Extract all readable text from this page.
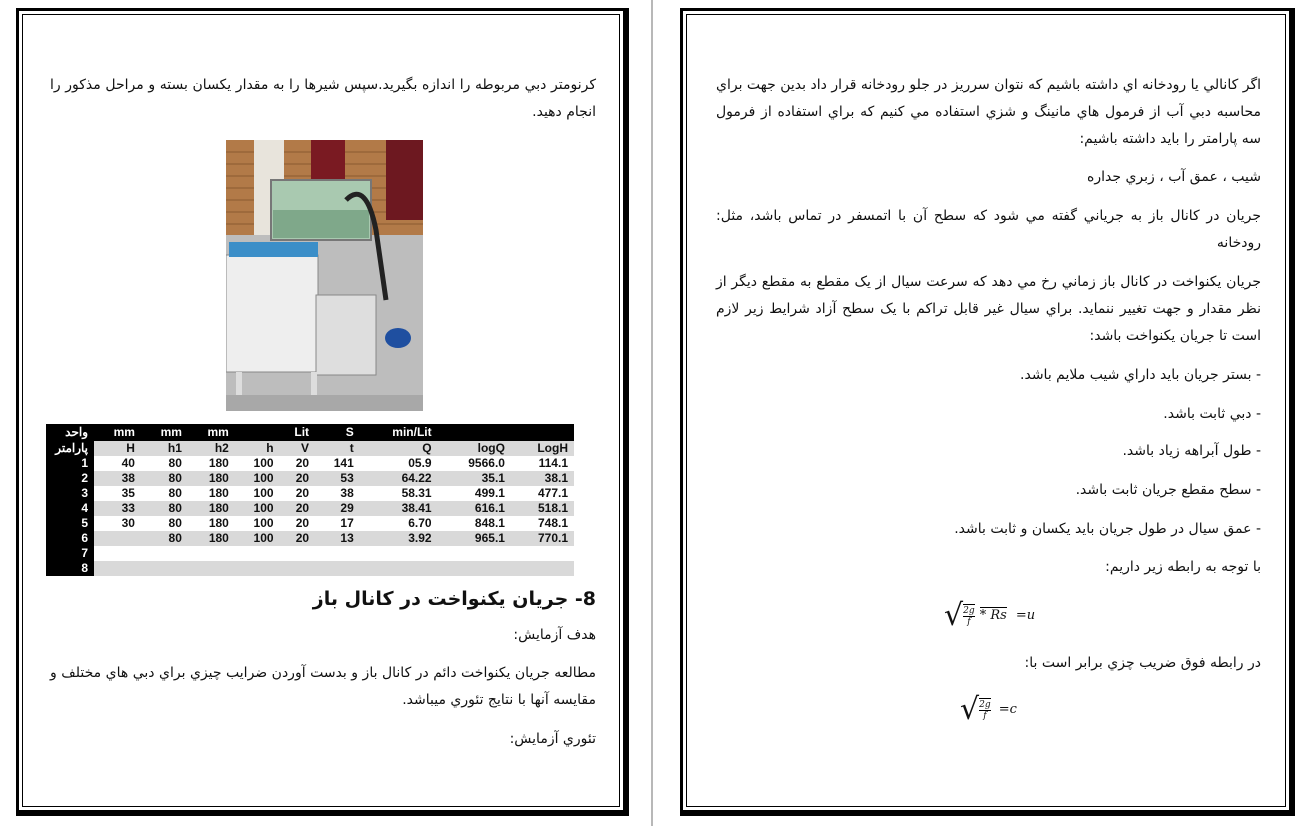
کرنومتر دبي مربوطه را اندازه بگيريد.سپس شيرها را به مقدار يکسان بسته و مراحل مذکور را انجام دهيد.

واحد	mm	mm	mm		Lit	S	min/Lit		
پارامتر	H	h1	h2	h	V	t	Q	logQ	LogH
1	40	80	180	100	20	141	05.9	9566.0	114.1
2	38	80	180	100	20	53	64.22	35.1	38.1
3	35	80	180	100	20	38	58.31	499.1	477.1
4	33	80	180	100	20	29	38.41	616.1	518.1
5	30	80	180	100	20	17	6.70	848.1	748.1
6		80	180	100	20	13	3.92	965.1	770.1
7									
8									

8- جريان يکنواخت در کانال باز

هدف آزمايش:

مطالعه جريان يکنواخت دائم در کانال باز و بدست آوردن ضرايب چيزي براي دبي هاي مختلف و مقايسه آنها با نتايج تئوري ميباشد.

تئوري آزمايش:

اگر کانالي يا رودخانه اي داشته باشيم که نتوان سرريز در جلو رودخانه قرار داد بدين جهت براي محاسبه دبي آب از فرمول هاي مانينگ و شزي استفاده مي کنيم که براي استفاده از فرمول سه پارامتر را بايد داشته باشيم:

شيب ، عمق آب ، زبري جداره

جريان در کانال باز به جرياني گفته مي شود که سطح آن با اتمسفر در تماس باشد، مثل: رودخانه

جريان يکنواخت در کانال باز زماني رخ مي دهد که سرعت سيال از يک مقطع به مقطع ديگر از نظر مقدار و جهت تغيير ننمايد. براي سيال غير قابل تراکم با يک سطح آزاد شرايط زير لازم است تا جريان يکنواخت باشد:

- بستر جريان بايد داراي شيب ملايم باشد.

- دبي ثابت باشد.

- طول آبراهه زياد باشد.

- سطح مقطع جريان ثابت باشد.

- عمق سيال در طول جريان بايد يکسان و ثابت باشد.

با توجه به رابطه زير داريم:

√ $\frac{2g}{f} * Rs =u$

در رابطه فوق ضريب چزي برابر است با:

√ $\frac{2g}{f} =c$
